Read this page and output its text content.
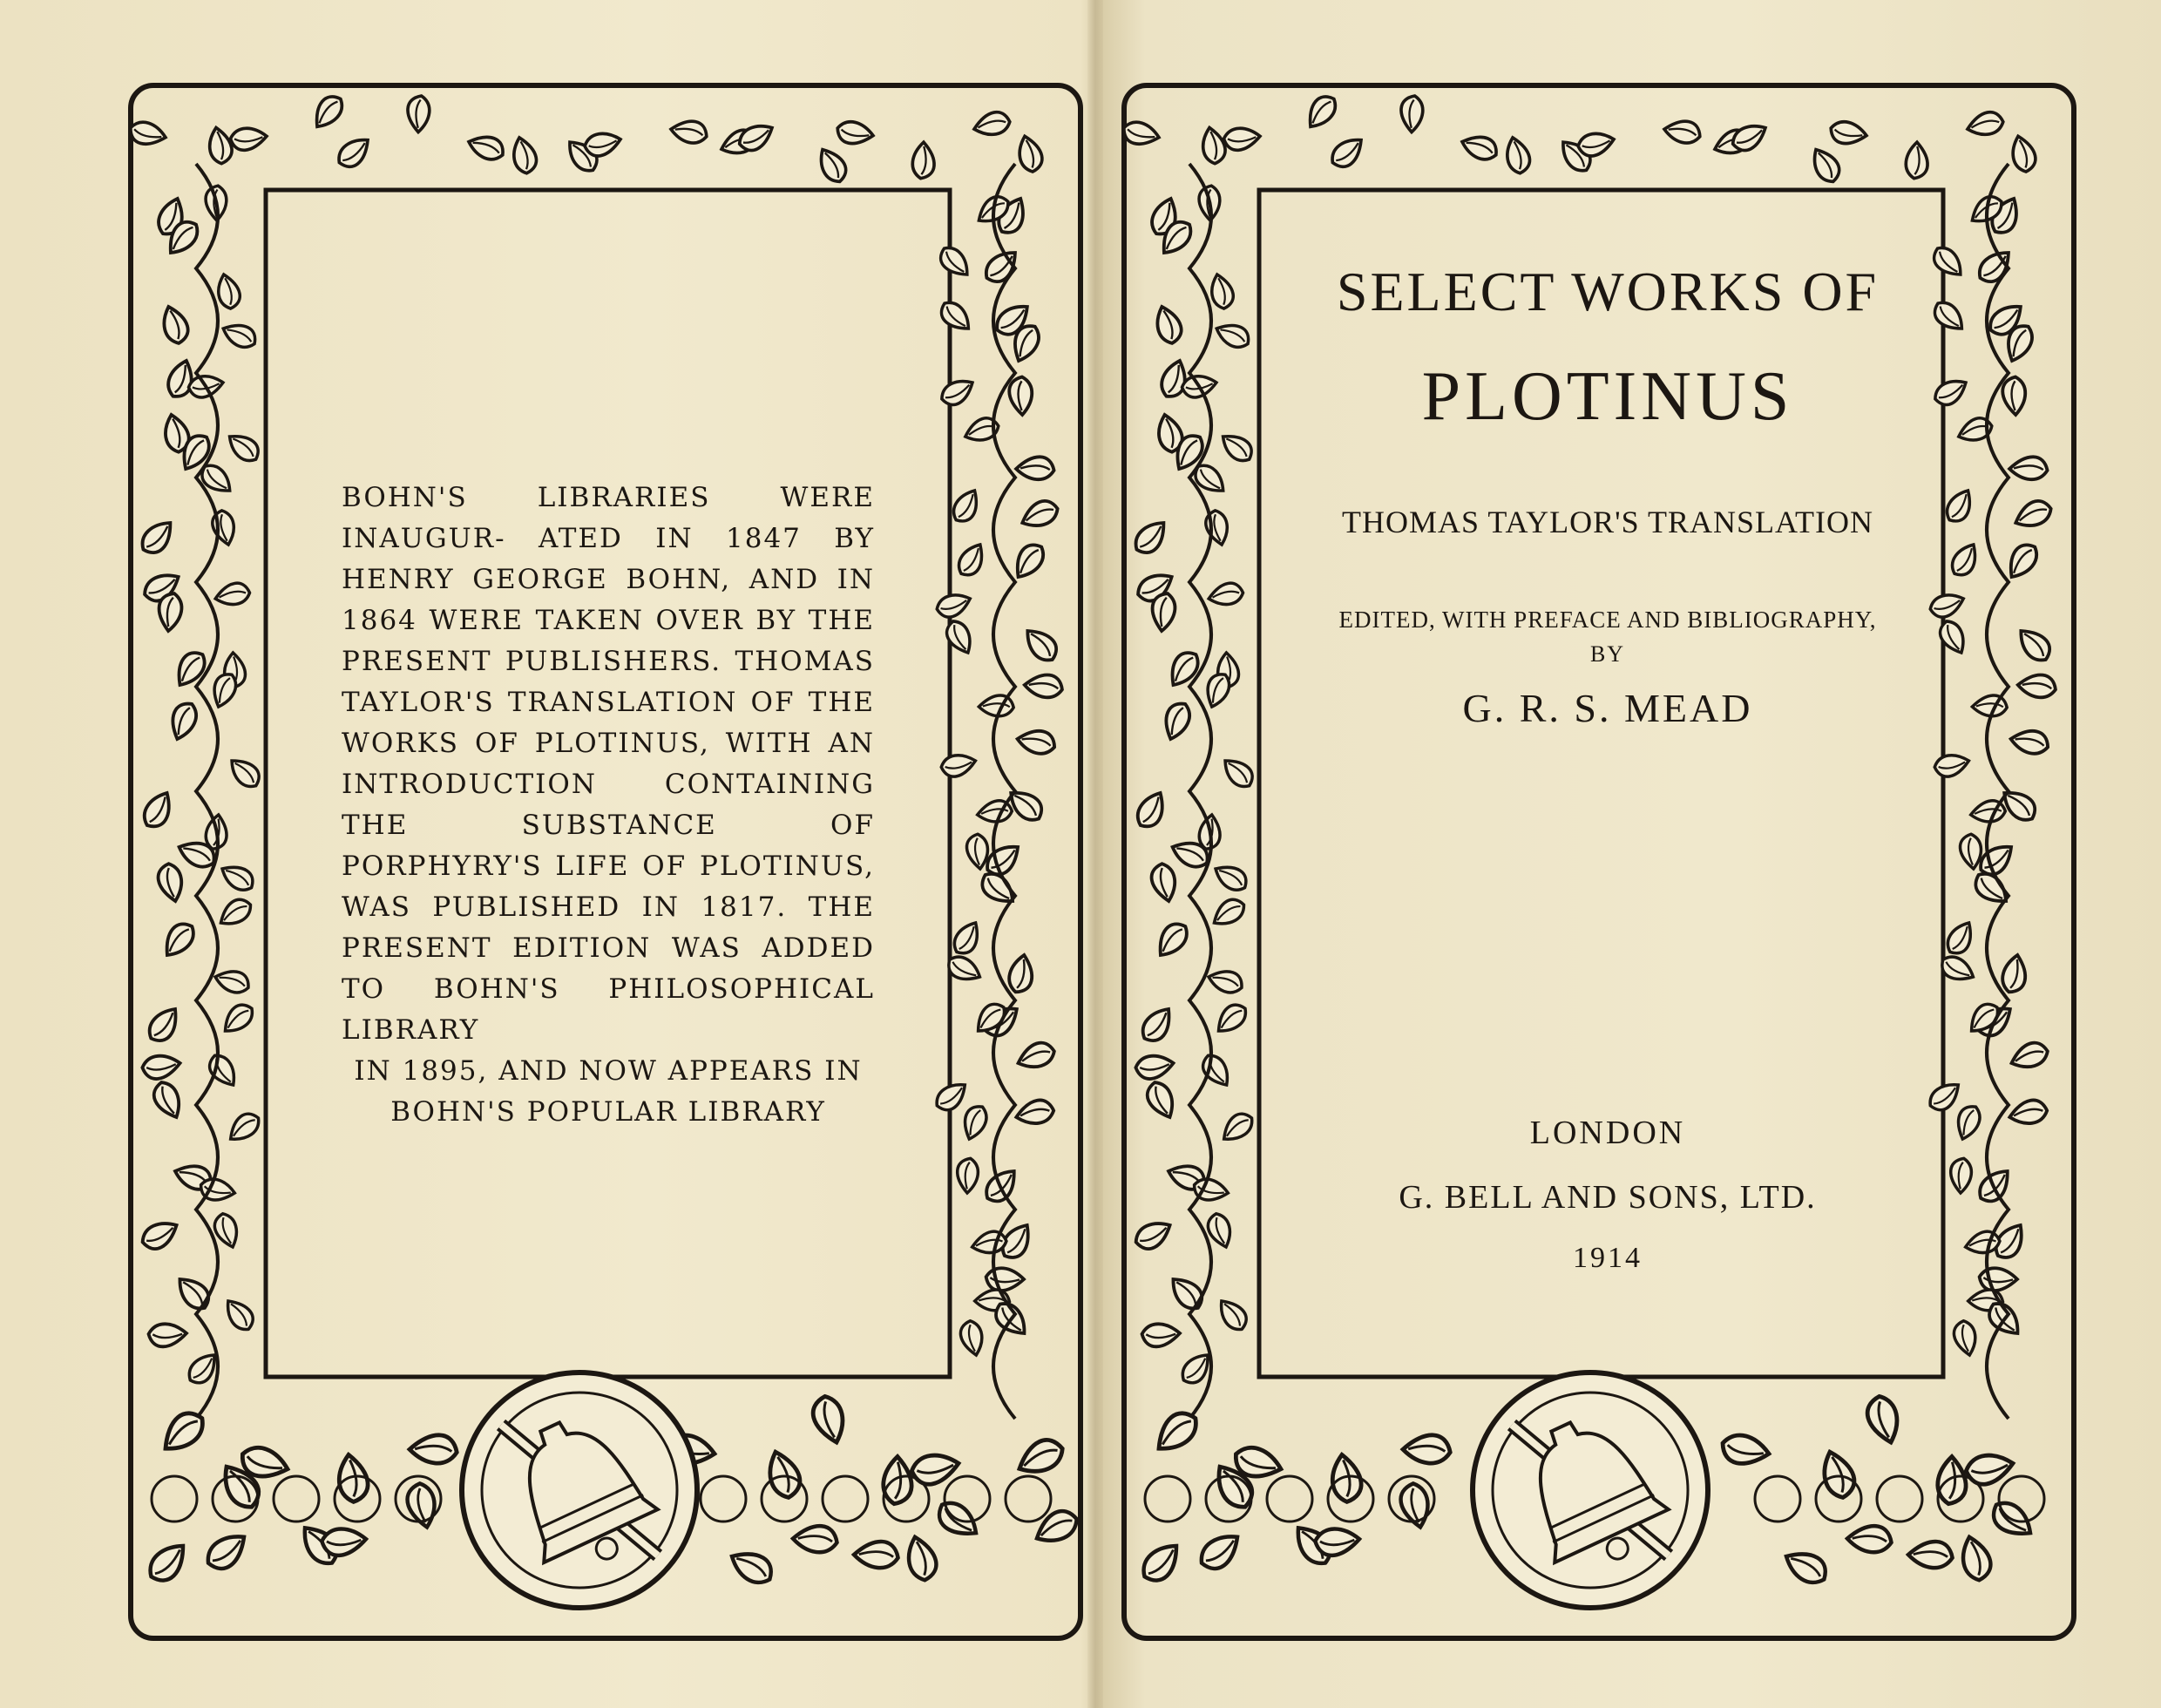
BOHN'S LIBRARIES WERE INAUGUR- ATED IN 1847 BY HENRY GEORGE BOHN, AND IN 1864 WERE TAKEN OVER BY THE PRESENT PUBLISHERS. THOMAS TAYLOR'S TRANSLATION OF THE WORKS OF PLOTINUS, WITH AN INTRODUCTION CONTAINING THE	SUBSTANCE OF PORPHYRY'S LIFE OF PLOTINUS, WAS PUBLISHED IN 1817. THE PRESENT EDITION WAS ADDED TO BOHN'S PHILOSOPHICAL LIBRARY
IN 1895, AND NOW APPEARS IN
BOHN'S POPULAR LIBRARY
SELECT WORKS OF
PLOTINUS
THOMAS TAYLOR'S TRANSLATION
EDITED, WITH PREFACE AND BIBLIOGRAPHY,
BY
G. R. S. MEAD
LONDON
G. BELL AND SONS, LTD.
1914
